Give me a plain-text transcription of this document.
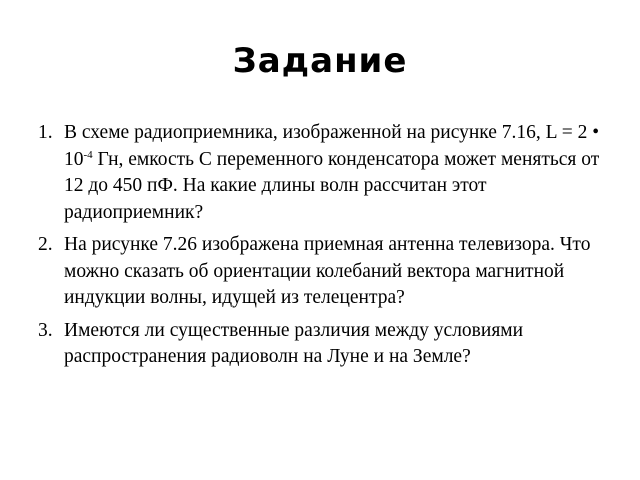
Задание
1. В схеме радиоприемника, изображенной на рисунке 7.16, L = 2 • $10^{-4}$ Гн, емкость С переменного конденсатора может меняться от 12 до 450 пФ. На какие длины волн рассчитан этот радиоприемник?
2. На рисунке 7.26 изображена приемная антенна телевизора. Что можно сказать об ориентации колебаний вектора магнитной индукции волны, идущей из телецентра?
3. Имеются ли существенные различия между условиями распространения радиоволн на Луне и на Земле?
